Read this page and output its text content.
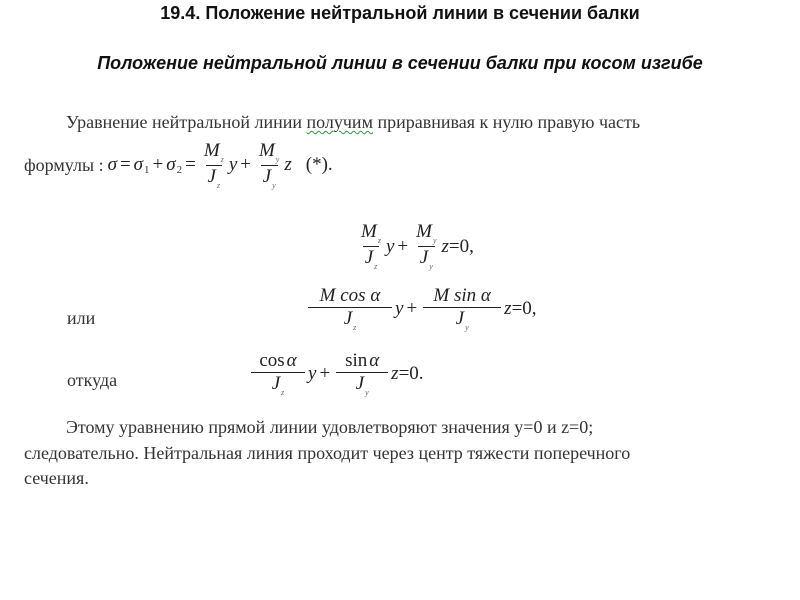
19.4. Положение нейтральной линии в сечении балки
Положение нейтральной линии в сечении балки при косом изгибе
Уравнение нейтральной линии получим приравнивая к нулю правую часть
формулы : σ = σ 1 + σ $2 = \frac{M_z}{J_z}$ $y + \frac{M_y}{J_y}$ z (*).
$\frac{M_z}{J_z}$ $y + \frac{M_y}{J_y}$ z =0,
или	$\frac{\text{M cos α}}{J_z}$ $y + \frac{\text{M sin α}}{J_y}$ z =0,
откуда	$\frac{\text{cos α}}{J_z}$ $y + \frac{\text{sin α}}{J_y}$ z =0.
Этому уравнению прямой линии удовлетворяют значения y=0 и z=0;
следовательно. Нейтральная линия проходит через центр тяжести поперечного
сечения.
